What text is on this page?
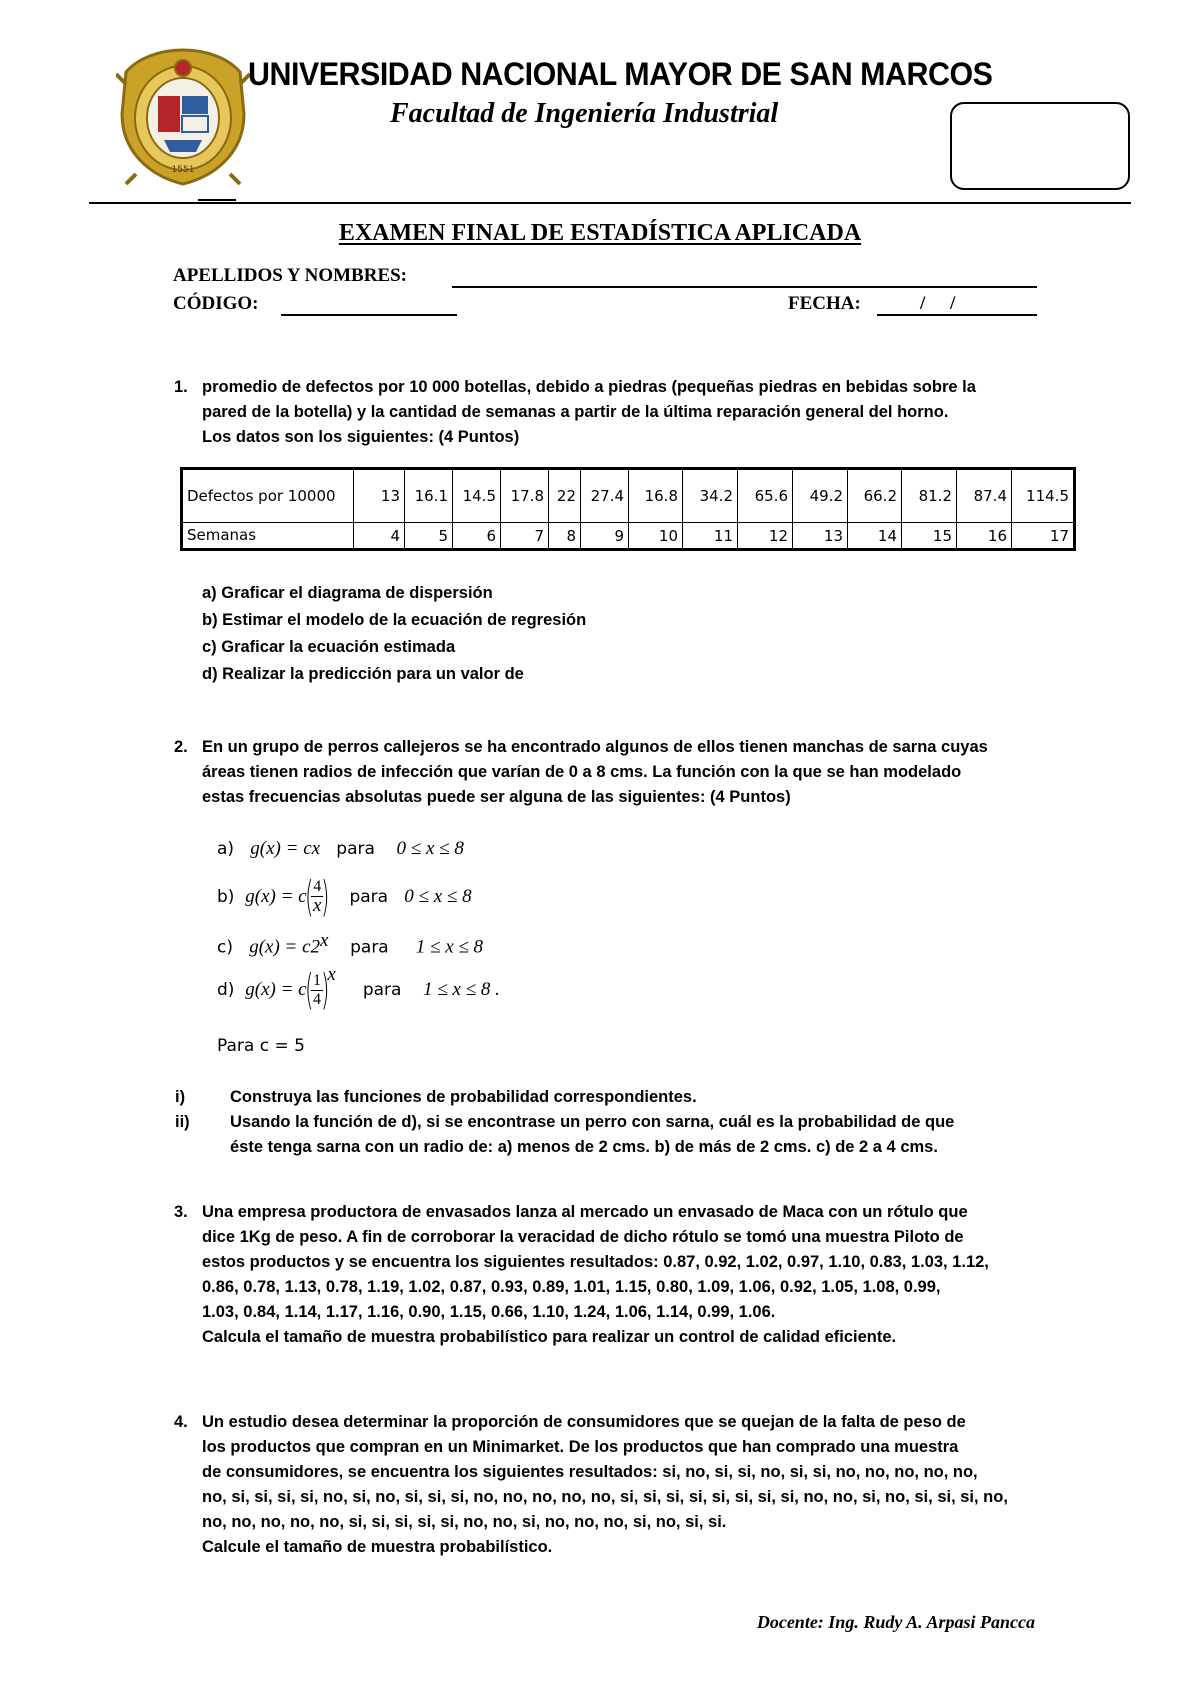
1551
UNIVERSIDAD NACIONAL MAYOR DE SAN MARCOS
Facultad de Ingeniería Industrial
EXAMEN FINAL DE ESTADÍSTICA APLICADA
APELLIDOS Y NOMBRES:
CÓDIGO:	FECHA:	/ /
1. promedio de defectos por 10 000 botellas, debido a piedras (pequeñas piedras en bebidas sobre la
pared de la botella) y la cantidad de semanas a partir de la última reparación general del horno.
Los datos son los siguientes: (4 Puntos)
Defectos por 10000	13	16.1	14.5	17.8	22	27.4	16.8	34.2	65.6	49.2	66.2	81.2	87.4	114.5
Semanas	4	5	6	7	8	9	10	11	12	13	14	15	16	17
a) Graficar el diagrama de dispersión
b) Estimar el modelo de la ecuación de regresión
c) Graficar la ecuación estimada
d) Realizar la predicción para un valor de
2. En un grupo de perros callejeros se ha encontrado algunos de ellos tienen manchas de sarna cuyas
áreas tienen radios de infección que varían de 0 a 8 cms. La función con la que se han modelado
estas frecuencias absolutas puede ser alguna de las siguientes: (4 Puntos)
a) g(x) = cx para 0 ≤ x ≤ 8
b)
g(x) = c
(
$\frac{4}{x}$
)
para
0 ≤ x ≤ 8
c) $g(x) = c2^x$ para 1 ≤ x ≤ 8
d)
g(x) = c
(
$\frac{1}{4}$
)
x

para
1 ≤ x ≤ 8 .
Para c = 5
i)	Construya las funciones de probabilidad correspondientes.
ii) Usando la función de d), si se encontrase un perro con sarna, cuál es la probabilidad de que
éste tenga sarna con un radio de: a) menos de 2 cms. b) de más de 2 cms. c) de 2 a 4 cms.
3. Una empresa productora de envasados lanza al mercado un envasado de Maca con un rótulo que
dice 1Kg de peso. A fin de corroborar la veracidad de dicho rótulo se tomó una muestra Piloto de
estos productos y se encuentra los siguientes resultados: 0.87, 0.92, 1.02, 0.97, 1.10, 0.83, 1.03, 1.12,
0.86, 0.78, 1.13, 0.78, 1.19, 1.02, 0.87, 0.93, 0.89, 1.01, 1.15, 0.80, 1.09, 1.06, 0.92, 1.05, 1.08, 0.99,
1.03, 0.84, 1.14, 1.17, 1.16, 0.90, 1.15, 0.66, 1.10, 1.24, 1.06, 1.14, 0.99, 1.06.
Calcula el tamaño de muestra probabilístico para realizar un control de calidad eficiente.
4. Un estudio desea determinar la proporción de consumidores que se quejan de la falta de peso de
los productos que compran en un Minimarket. De los productos que han comprado una muestra
de consumidores, se encuentra los siguientes resultados: si, no, si, si, no, si, si, no, no, no, no, no,
no, si, si, si, si, no, si, no, si, si, si, no, no, no, no, no, si, si, si, si, si, si, si, si, no, no, si, no, si, si, si, no,
no, no, no, no, no, si, si, si, si, si, no, no, si, no, no, no, si, no, si, si.
Calcule el tamaño de muestra probabilístico.
Docente: Ing. Rudy A. Arpasi Pancca
